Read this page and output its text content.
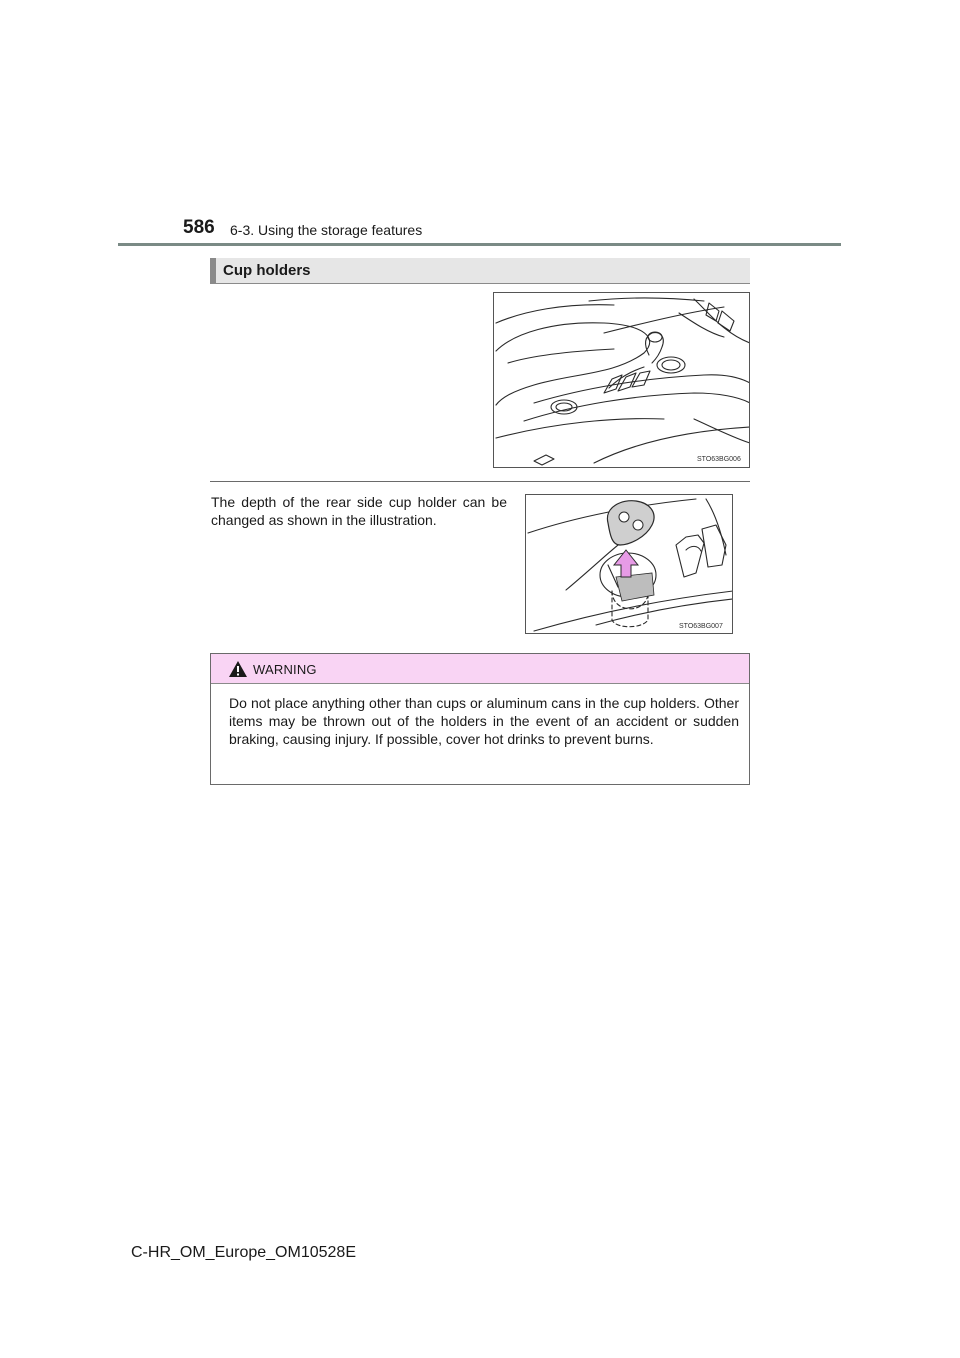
586 6-3. Using the storage features
Cup holders
STO63BG006
The depth of the rear side cup holder can be changed as shown in the illustration.
STO63BG007
WARNING
Do not place anything other than cups or aluminum cans in the cup holders. Other items may be thrown out of the holders in the event of an accident or sudden braking, causing injury. If possible, cover hot drinks to prevent burns.
C-HR_OM_Europe_OM10528E
